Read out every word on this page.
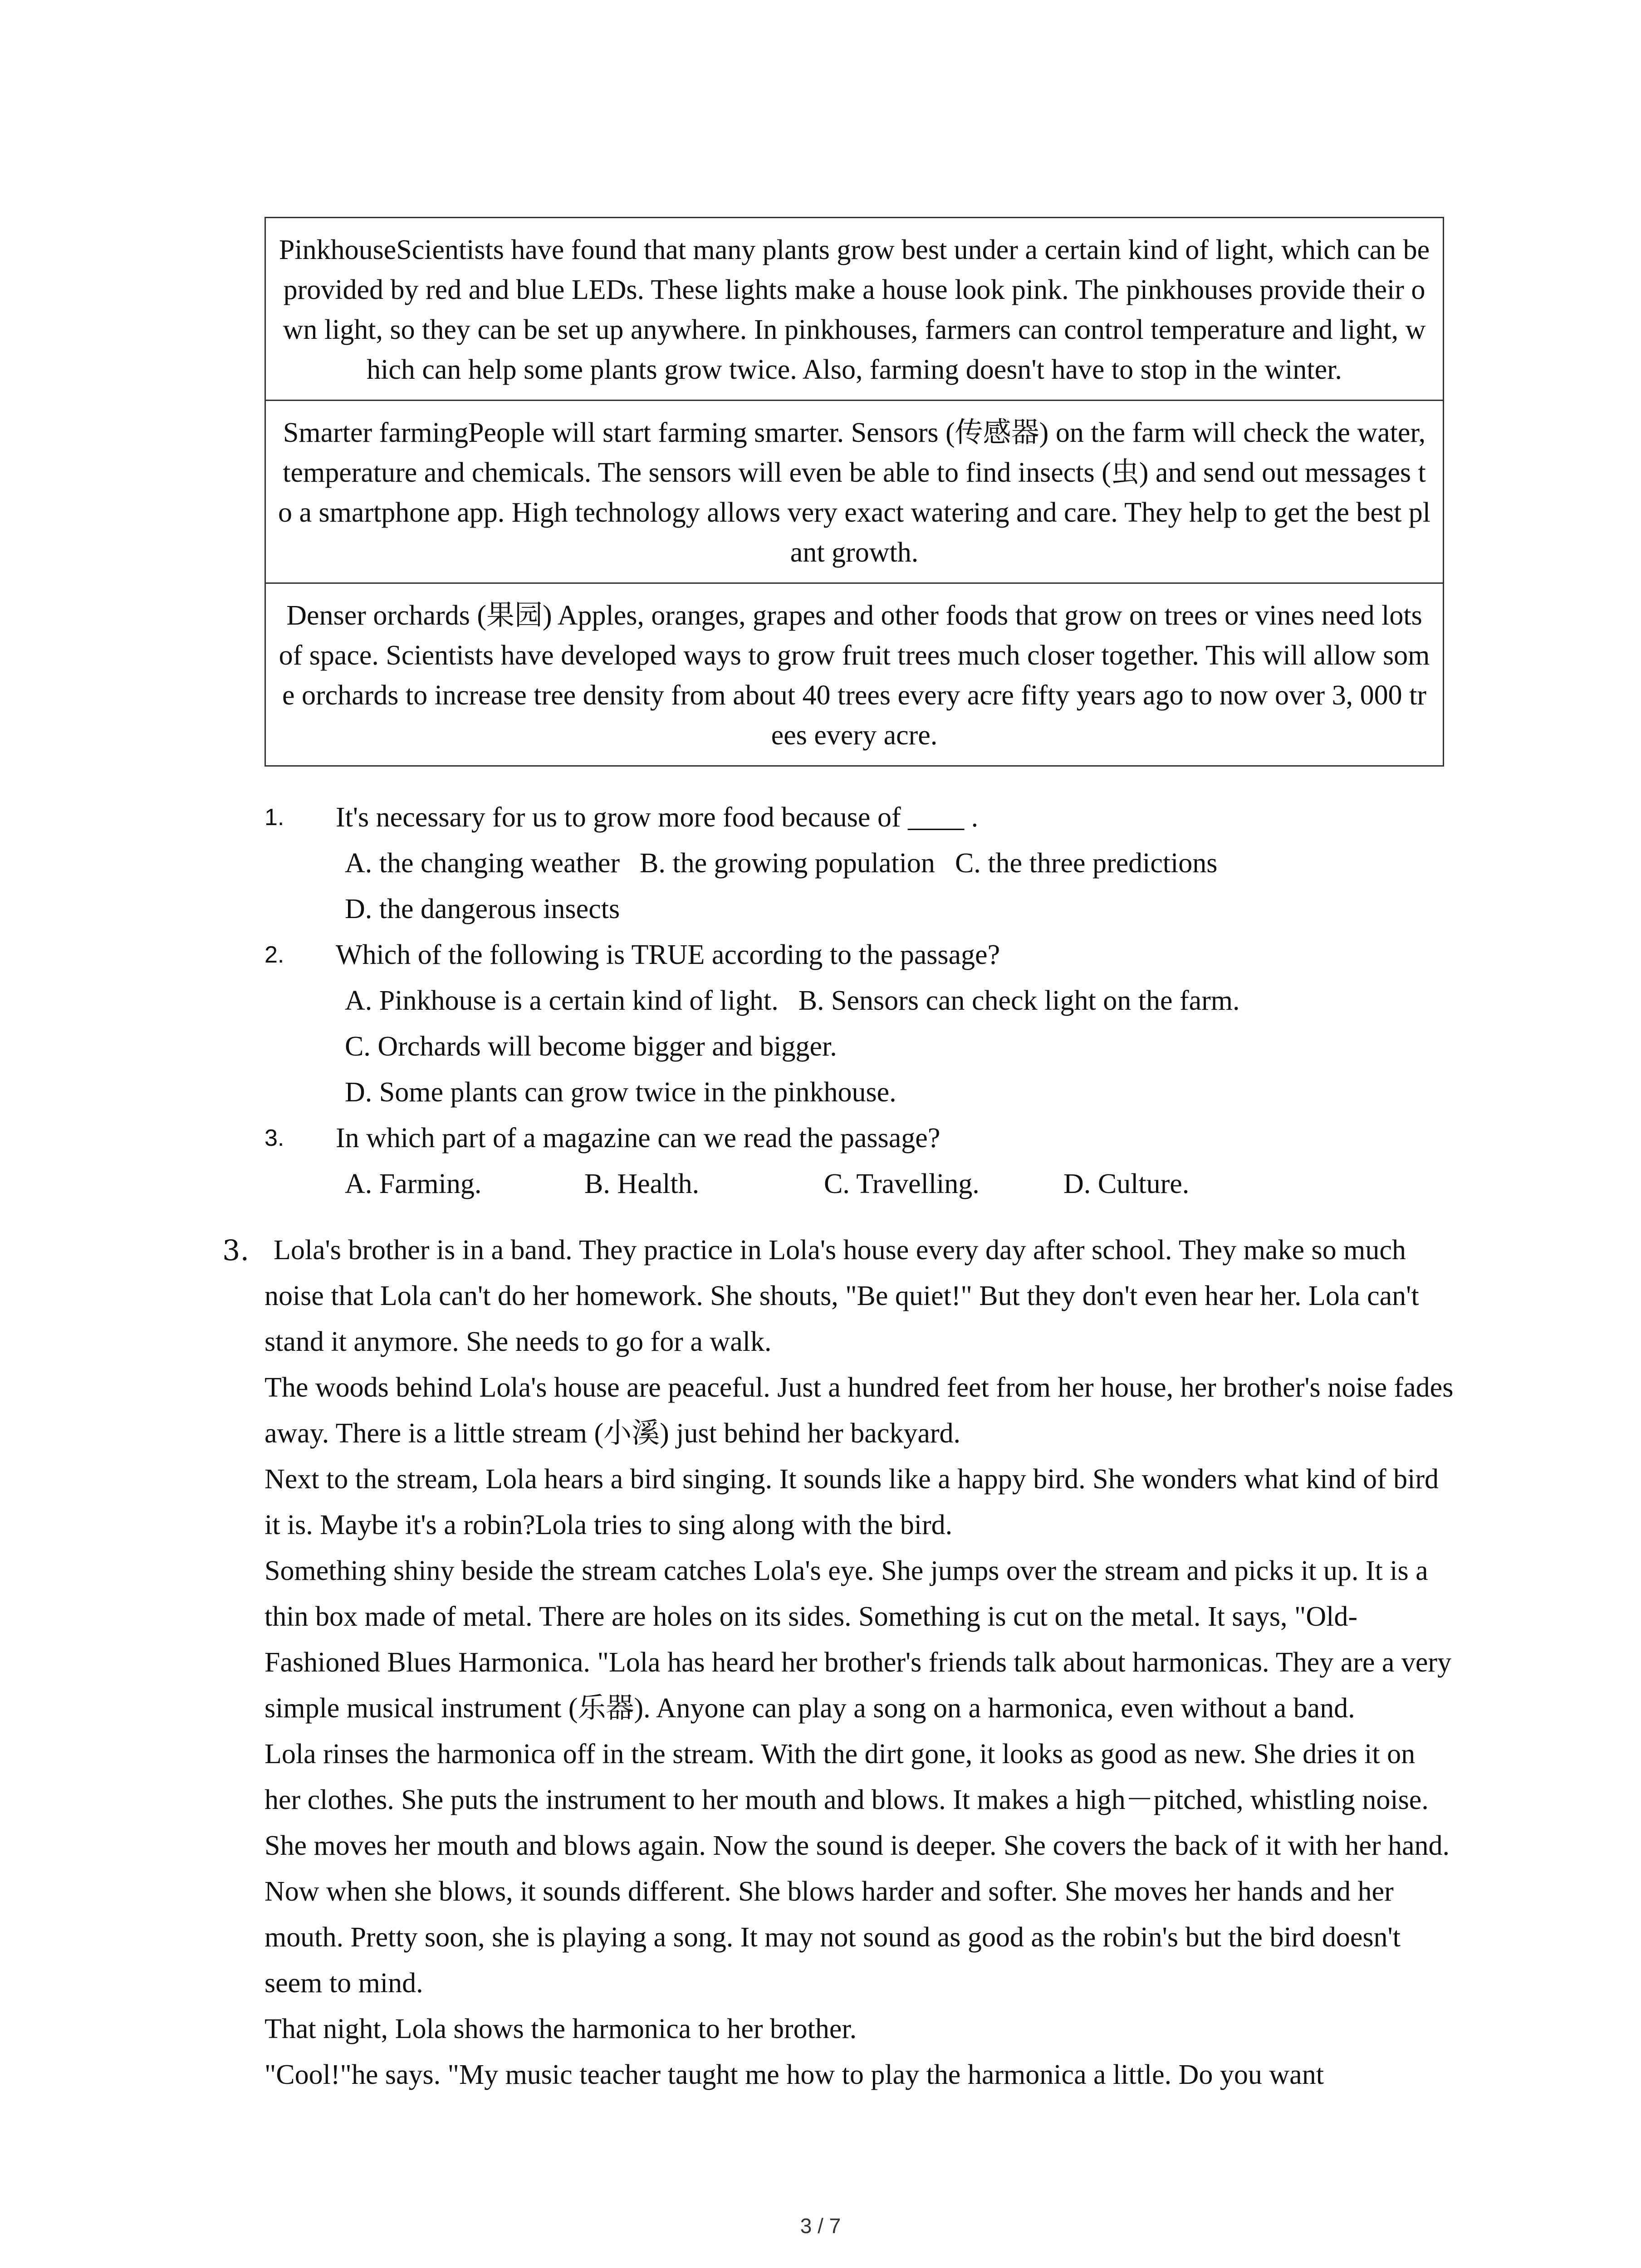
PinkhouseScientists have found that many plants grow best under a certain kind of light, which can be provided by red and blue LEDs. These lights make a house look pink. The pinkhouses provide their own light, so they can be set up anywhere. In pinkhouses, farmers can control temperature and light, which can help some plants grow twice. Also, farming doesn't have to stop in the winter.
Smarter farmingPeople will start farming smarter. Sensors (传感器) on the farm will check the water, temperature and chemicals. The sensors will even be able to find insects (虫) and send out messages to a smartphone app. High technology allows very exact watering and care. They help to get the best plant growth.
Denser orchards (果园) Apples, oranges, grapes and other foods that grow on trees or vines need lots of space. Scientists have developed ways to grow fruit trees much closer together. This will allow some orchards to increase tree density from about 40 trees every acre fifty years ago to now over 3, 000 trees every acre.
1. It's necessary for us to grow more food because of ____ .
A. the changing weather B. the growing population C. the three predictions
D. the dangerous insects
2. Which of the following is TRUE according to the passage?
A. Pinkhouse is a certain kind of light. B. Sensors can check light on the farm.
C. Orchards will become bigger and bigger.
D. Some plants can grow twice in the pinkhouse.
3. In which part of a magazine can we read the passage?
A. Farming.	B. Health.	C. Travelling.	D. Culture.
3. Lola's brother is in a band. They practice in Lola's house every day after school. They make so much noise that Lola can't do her homework. She shouts, "Be quiet!" But they don't even hear her. Lola can't stand it anymore. She needs to go for a walk.
The woods behind Lola's house are peaceful. Just a hundred feet from her house, her brother's noise fades away. There is a little stream (小溪) just behind her backyard.
Next to the stream, Lola hears a bird singing. It sounds like a happy bird. She wonders what kind of bird it is. Maybe it's a robin?Lola tries to sing along with the bird.
Something shiny beside the stream catches Lola's eye. She jumps over the stream and picks it up. It is a thin box made of metal. There are holes on its sides. Something is cut on the metal. It says, "Old-Fashioned Blues Harmonica. "Lola has heard her brother's friends talk about harmonicas. They are a very simple musical instrument (乐器). Anyone can play a song on a harmonica, even without a band.
Lola rinses the harmonica off in the stream. With the dirt gone, it looks as good as new. She dries it on her clothes. She puts the instrument to her mouth and blows. It makes a high－pitched, whistling noise. She moves her mouth and blows again. Now the sound is deeper. She covers the back of it with her hand. Now when she blows, it sounds different. She blows harder and softer. She moves her hands and her mouth. Pretty soon, she is playing a song. It may not sound as good as the robin's but the bird doesn't seem to mind.
That night, Lola shows the harmonica to her brother.
"Cool!"he says. "My music teacher taught me how to play the harmonica a little. Do you want
3 / 7
